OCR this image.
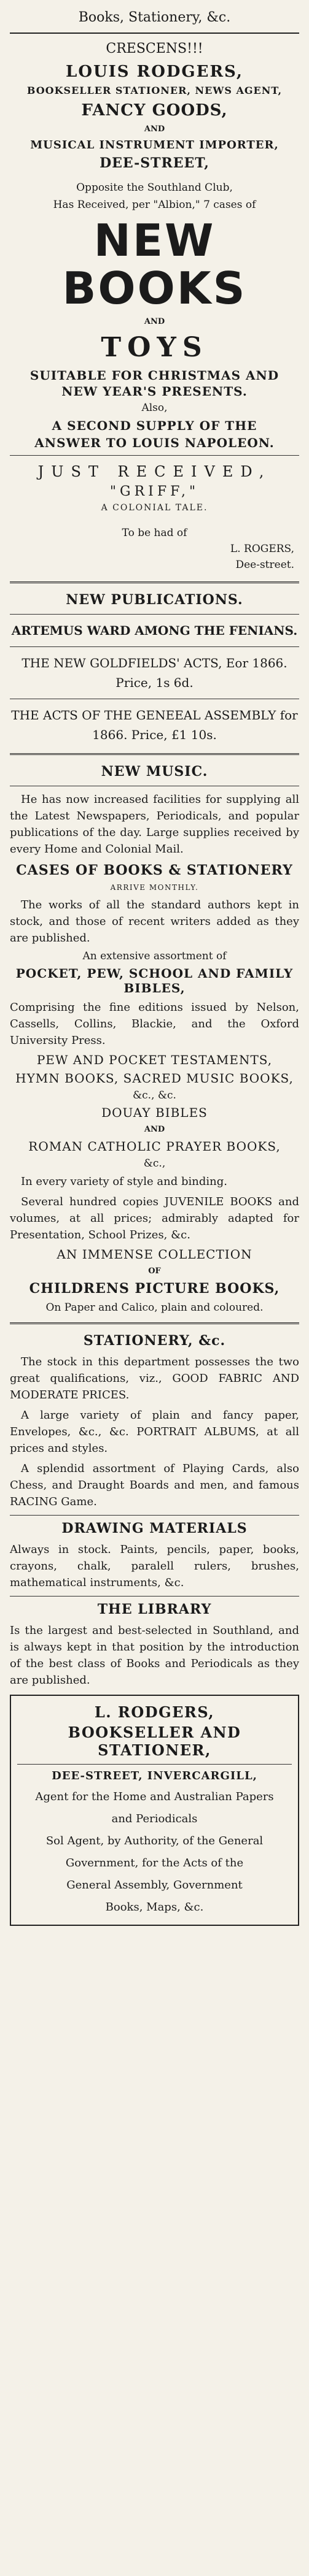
Books, Stationery, &c.
CRESCENS!!!
LOUIS RODGERS,
BOOKSELLER STATIONER, NEWS AGENT,
FANCY GOODS,
AND
MUSICAL INSTRUMENT IMPORTER,
DEE-STREET,
Opposite the Southland Club,
Has Received, per "Albion," 7 cases of
NEW BOOKS
AND
TOYS
SUITABLE FOR CHRISTMAS AND
NEW YEAR'S PRESENTS.
Also,
A SECOND SUPPLY OF THE
ANSWER TO LOUIS NAPOLEON.
JUST RECEIVED,
"GRIFF,"
A COLONIAL TALE.
To be had of
L. ROGERS,
Dee-street.
NEW PUBLICATIONS.
ARTEMUS WARD AMONG THE FENIANS.
THE NEW GOLDFIELDS' ACTS, Eor 1866. Price, 1s 6d.
THE ACTS OF THE GENEEAL ASSEMBLY for 1866. Price, £1 10s.
NEW MUSIC.
He has now increased facilities for supplying all the Latest Newspapers, Periodicals, and popular publications of the day. Large supplies received by every Home and Colonial Mail.
CASES OF BOOKS & STATIONERY
ARRIVE MONTHLY.
The works of all the standard authors kept in stock, and those of recent writers added as they are published.
An extensive assortment of
POCKET, PEW, SCHOOL AND FAMILY BIBLES,
Comprising the fine editions issued by Nelson, Cassells, Collins, Blackie, and the Oxford University Press.
PEW AND POCKET TESTAMENTS,
HYMN BOOKS, SACRED MUSIC BOOKS,
&c., &c.
DOUAY BIBLES
AND
ROMAN CATHOLIC PRAYER BOOKS,
&c.,
In every variety of style and binding.
Several hundred copies JUVENILE BOOKS and volumes, at all prices; admirably adapted for Presentation, School Prizes, &c.
AN IMMENSE COLLECTION
OF
CHILDRENS PICTURE BOOKS,
On Paper and Calico, plain and coloured.
STATIONERY, &c.
The stock in this department possesses the two great qualifications, viz., GOOD FABRIC AND MODERATE PRICES.
A large variety of plain and fancy paper, Envelopes, &c., &c. PORTRAIT ALBUMS, at all prices and styles.
A splendid assortment of Playing Cards, also Chess, and Draught Boards and men, and famous RACING Game.
DRAWING MATERIALS
Always in stock. Paints, pencils, paper, books, crayons, chalk, paralell rulers, brushes, mathematical instruments, &c.
THE LIBRARY
Is the largest and best-selected in Southland, and is always kept in that position by the introduction of the best class of Books and Periodicals as they are published.
L. RODGERS,
BOOKSELLER AND STATIONER,
DEE-STREET, INVERCARGILL,
Agent for the Home and Australian Papers
and Periodicals
Sol Agent, by Authority, of the General
Government, for the Acts of the
General Assembly, Government
Books, Maps, &c.
